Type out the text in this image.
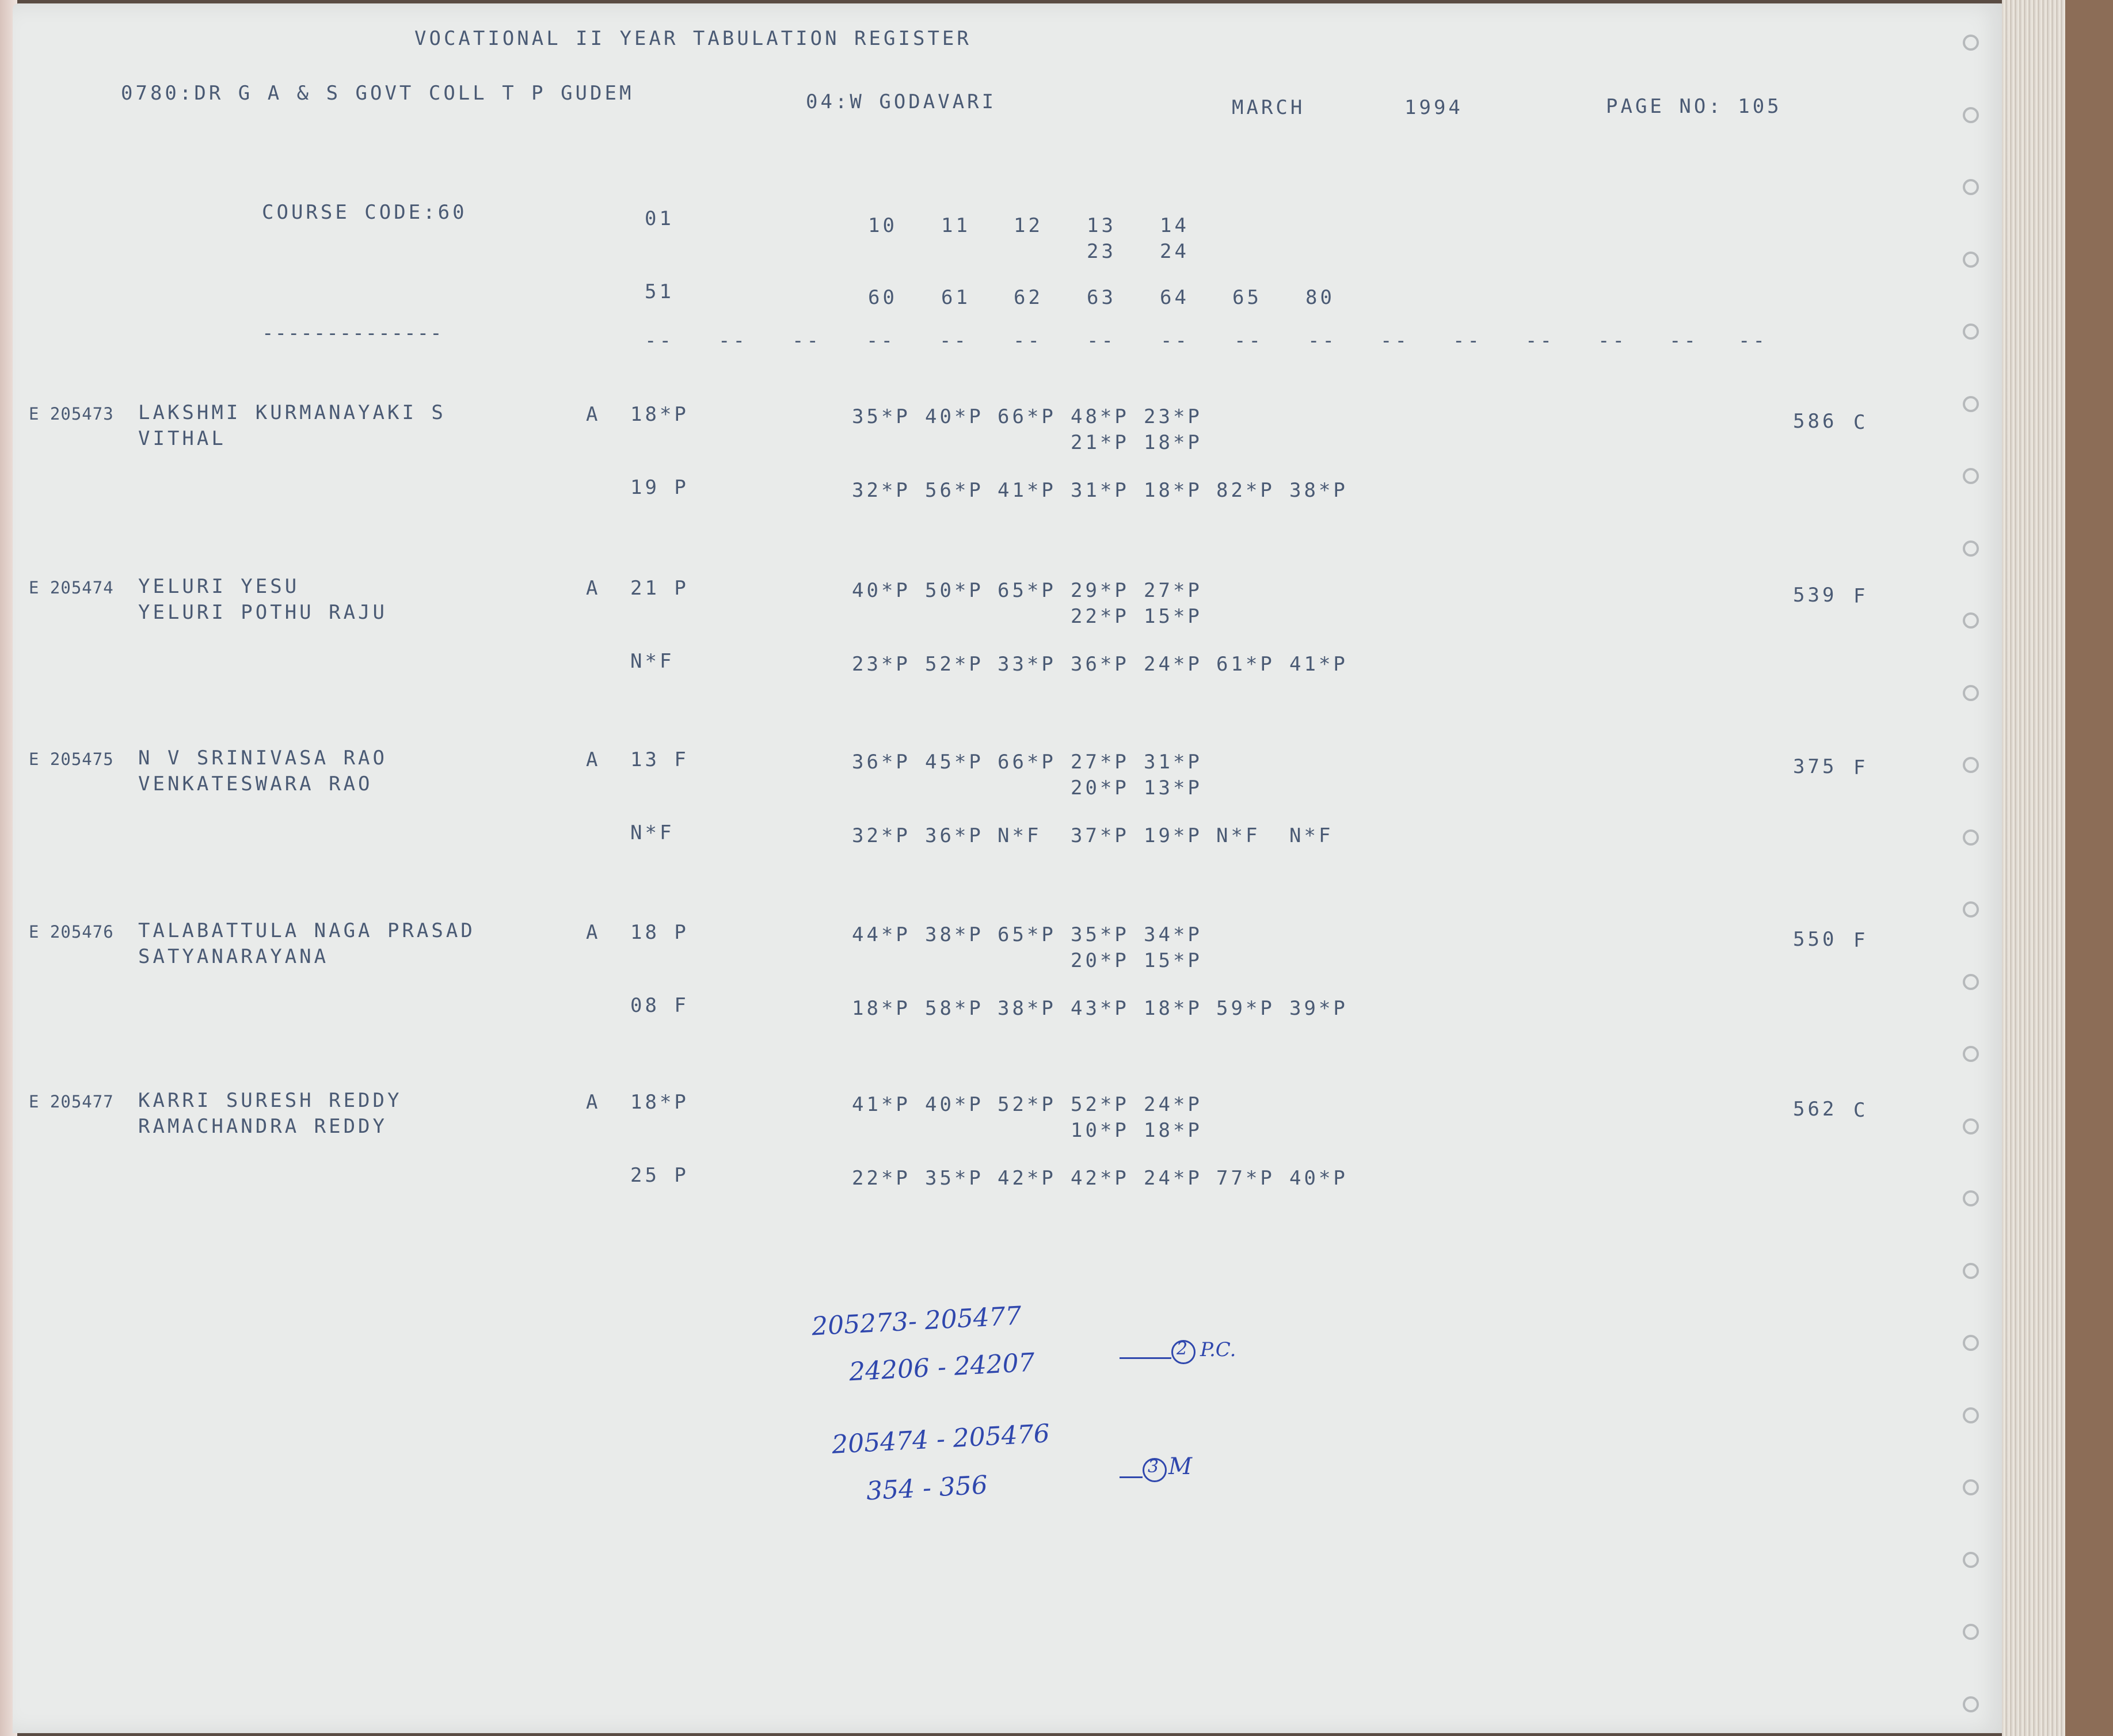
VOCATIONAL II YEAR TABULATION REGISTER
0780:DR G A & S GOVT COLL T P GUDEM	04:W GODAVARI	MARCH	1994	PAGE NO: 105
COURSE CODE:60	01	10 11 12 13 14
23 24
51	60 61 62 63 64 65 80
--------------	-- -- -- -- -- -- -- -- -- -- -- -- -- -- -- --
E 205473 LAKSHMI KURMANAYAKI S
VITHAL
A 18*P	35*P 40*P 66*P 48*P 23*P
21*P 18*P
19 P	32*P 56*P 41*P 31*P 18*P 82*P 38*P
586 C
E 205474 YELURI YESU
YELURI POTHU RAJU
A 21 P	40*P 50*P 65*P 29*P 27*P
22*P 15*P
N*F	23*P 52*P 33*P 36*P 24*P 61*P 41*P
539 F
E 205475 N V SRINIVASA RAO
VENKATESWARA RAO
A 13 F	36*P 45*P 66*P 27*P 31*P
20*P 13*P
N*F	32*P 36*P N*F 37*P 19*P N*F N*F
375 F
E 205476 TALABATTULA NAGA PRASAD
SATYANARAYANA
A 18 P	44*P 38*P 65*P 35*P 34*P
20*P 15*P
08 F	18*P 58*P 38*P 43*P 18*P 59*P 39*P
550 F
E 205477 KARRI SURESH REDDY
RAMACHANDRA REDDY
A 18*P	41*P 40*P 52*P 52*P 24*P
10*P 18*P
25 P	22*P 35*P 42*P 42*P 24*P 77*P 40*P
562 C
205273- 205477
24206 - 24207	2 P.C.
205474 - 205476
354 - 356
3 M
